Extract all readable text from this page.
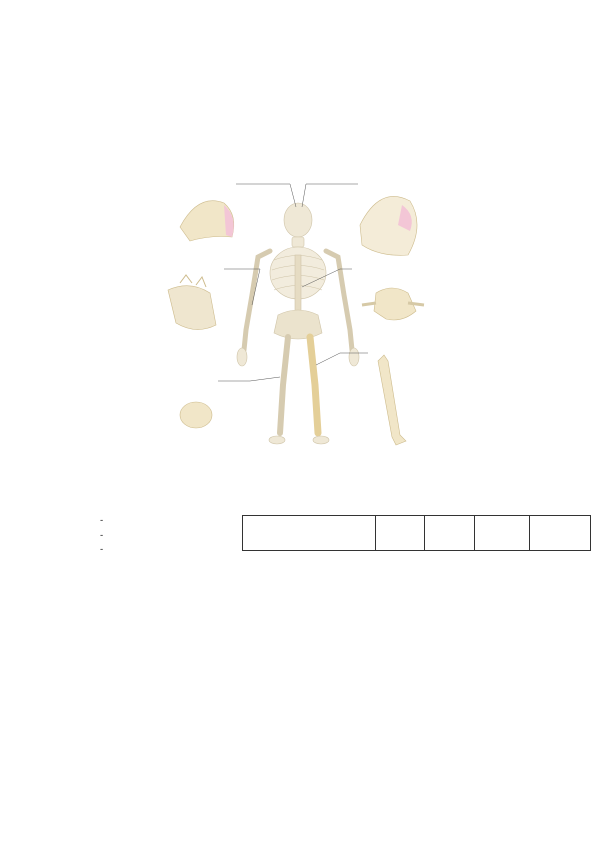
-
-
-
